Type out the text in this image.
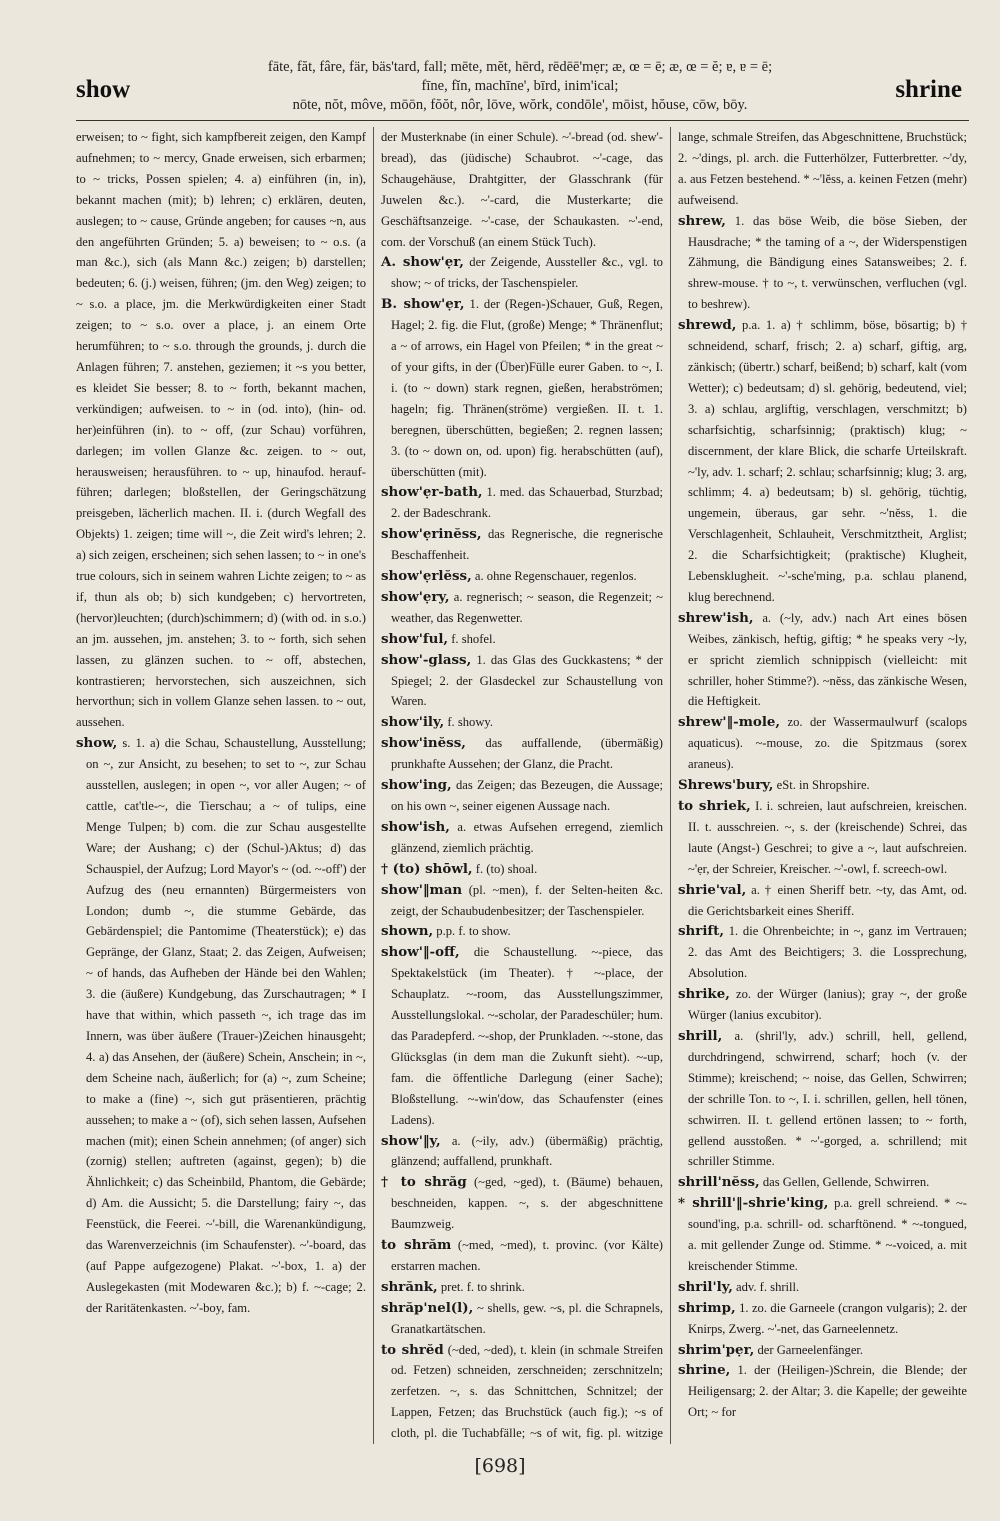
show
fāte, făt, fâre, fär, bäs'tard, fall; mēte, mĕt, hērd, rēdēē'mẹr; æ, œ = ē; æ, œ = ĕ; ɐ, ɐ = ē;
fīne, fĭn, machīne', bīrd, inim'ical;
nōte, nŏt, môve, mōōn, fŏŏt, nôr, lōve, wŏrk, condōle', mōist, hŏuse, cōw, bōy.
shrine

erweisen; to ~ fight, sich kampfbereit zeigen, den Kampf aufnehmen; to ~ mercy, Gnade erweisen, sich erbarmen; to ~ tricks, Possen spielen; 4. a) einführen (in, in), bekannt machen (mit); b) lehren; c) erklären, deuten, auslegen; to ~ cause, Gründe angeben; for causes ~n, aus den angeführten Gründen; 5. a) beweisen; to ~ o.s. (a man &c.), sich (als Mann &c.) zeigen; b) darstellen; bedeuten; 6. (j.) weisen, führen; (jm. den Weg) zeigen; to ~ s.o. a place, jm. die Merkwürdigkeiten einer Stadt zeigen; to ~ s.o. over a place, j. an einem Orte herumführen; to ~ s.o. through the grounds, j. durch die Anlagen führen; 7. anstehen, geziemen; it ~s you better, es kleidet Sie besser; 8. to ~ forth, bekannt machen, verkündigen; aufweisen. to ~ in (od. into), (hin- od. her)einführen (in). to ~ off, (zur Schau) vorführen, darlegen; im vollen Glanze &c. zeigen. to ~ out, herausweisen; herausführen. to ~ up, hinaufod. heraufführen; darlegen; bloßstellen, der Geringschätzung preisgeben, lächerlich machen. II. i. (durch Wegfall des Objekts) 1. zeigen; time will ~, die Zeit wird's lehren; 2. a) sich zeigen, erscheinen; sich sehen lassen; to ~ in one's true colours, sich in seinem wahren Lichte zeigen; to ~ as if, thun als ob; b) sich kundgeben; c) hervortreten, (hervor)leuchten; (durch)schimmern; d) (with od. in s.o.) an jm. aussehen, jm. anstehen; 3. to ~ forth, sich sehen lassen, zu glänzen suchen. to ~ off, abstechen, kontrastieren; hervorstechen, sich auszeichnen, sich hervorthun; sich in vollem Glanze sehen lassen. to ~ out, aussehen.

show, s. 1. a) die Schau, Schaustellung, Ausstellung; on ~, zur Ansicht, zu besehen; to set to ~, zur Schau ausstellen, auslegen; in open ~, vor aller Augen; ~ of cattle, cat'tle-~, die Tierschau; a ~ of tulips, eine Menge Tulpen; b) com. die zur Schau ausgestellte Ware; der Aushang; c) der (Schul-)Aktus; d) das Schauspiel, der Aufzug; Lord Mayor's ~ (od. ~-off') der Aufzug des (neu ernannten) Bürgermeisters von London; dumb ~, die stumme Gebärde, das Gebärdenspiel; die Pantomime (Theaterstück); e) das Gepränge, der Glanz, Staat; 2. das Zeigen, Aufweisen; ~ of hands, das Aufheben der Hände bei den Wahlen; 3. die (äußere) Kundgebung, das Zurschautragen; * I have that within, which passeth ~, ich trage das im Innern, was über äußere (Trauer-)Zeichen hinausgeht; 4. a) das Ansehen, der (äußere) Schein, Anschein; in ~, dem Scheine nach, äußerlich; for (a) ~, zum Scheine; to make a (fine) ~, sich gut präsentieren, prächtig aussehen; to make a ~ (of), sich sehen lassen, Aufsehen machen (mit); einen Schein annehmen; (of anger) sich (zornig) stellen; auftreten (against, gegen); b) die Ähnlichkeit; c) das Scheinbild, Phantom, die Gebärde; d) Am. die Aussicht; 5. die Darstellung; fairy ~, das Feenstück, die Feerei. ~'-bill, die Warenankündigung, das Warenverzeichnis (im Schaufenster). ~'-board, das (auf Pappe aufgezogene) Plakat. ~'-box, 1. a) der Auslegekasten (mit Modewaren &c.); b) f. ~-cage; 2. der Raritätenkasten. ~'-boy, fam.

der Musterknabe (in einer Schule). ~'-bread (od. shew'-bread), das (jüdische) Schaubrot. ~'-cage, das Schaugehäuse, Drahtgitter, der Glasschrank (für Juwelen &c.). ~'-card, die Musterkarte; die Geschäftsanzeige. ~'-case, der Schaukasten. ~'-end, com. der Vorschuß (an einem Stück Tuch).

A. show'ẹr, der Zeigende, Aussteller &c., vgl. to show; ~ of tricks, der Taschenspieler.

B. show'ẹr, 1. der (Regen-)Schauer, Guß, Regen, Hagel; 2. fig. die Flut, (große) Menge; * Thränenflut; a ~ of arrows, ein Hagel von Pfeilen; * in the great ~ of your gifts, in der (Über)Fülle eurer Gaben. to ~, I. i. (to ~ down) stark regnen, gießen, herabströmen; hageln; fig. Thränen(ströme) vergießen. II. t. 1. beregnen, überschütten, begießen; 2. regnen lassen; 3. (to ~ down on, od. upon) fig. herabschütten (auf), überschütten (mit).

show'ẹr-bath, 1. med. das Schauerbad, Sturzbad; 2. der Badeschrank.

show'ẹrinĕss, das Regnerische, die regnerische Beschaffenheit.

show'ẹrlĕss, a. ohne Regenschauer, regenlos.

show'ẹry, a. regnerisch; ~ season, die Regenzeit; ~ weather, das Regenwetter.

show'ful, f. shofel.

show'-glass, 1. das Glas des Guckkastens; * der Spiegel; 2. der Glasdeckel zur Schaustellung von Waren.

show'ily, f. showy.

show'inĕss, das auffallende, (übermäßig) prunkhafte Aussehen; der Glanz, die Pracht.

show'ing, das Zeigen; das Bezeugen, die Aussage; on his own ~, seiner eigenen Aussage nach.

show'ish, a. etwas Aufsehen erregend, ziemlich glänzend, ziemlich prächtig.

† (to) shōwl, f. (to) shoal.

show'‖man (pl. ~men), f. der Selten-heiten &c. zeigt, der Schaubudenbesitzer; der Taschenspieler.

shown, p.p. f. to show.

show'‖-off, die Schaustellung. ~-piece, das Spektakelstück (im Theater). † ~-place, der Schauplatz. ~-room, das Ausstellungszimmer, Ausstellungslokal. ~-scholar, der Paradeschüler; hum. das Paradepferd. ~-shop, der Prunkladen. ~-stone, das Glücksglas (in dem man die Zukunft sieht). ~-up, fam. die öffentliche Darlegung (einer Sache); Bloßstellung. ~-win'dow, das Schaufenster (eines Ladens).

show'‖y, a. (~ily, adv.) (übermäßig) prächtig, glänzend; auffallend, prunkhaft.

† to shrăg (~ged, ~ged), t. (Bäume) behauen, beschneiden, kappen. ~, s. der abgeschnittene Baumzweig.

to shrăm (~med, ~med), t. provinc. (vor Kälte) erstarren machen.

shrănk, pret. f. to shrink.

shrăp'nel(l), ~ shells, gew. ~s, pl. die Schrapnels, Granatkartätschen.

to shrĕd (~ded, ~ded), t. klein (in schmale Streifen od. Fetzen) schneiden, zerschneiden; zerschnitzeln; zerfetzen. ~, s. das Schnittchen, Schnitzel; der Lappen, Fetzen; das Bruchstück (auch fig.); ~s of cloth, pl. die Tuchabfälle; ~s of wit, fig. pl. witzige

lange, schmale Streifen, das Abgeschnittene, Bruchstück; 2. ~'dings, pl. arch. die Futterhölzer, Futterbretter. ~'dy, a. aus Fetzen bestehend. * ~'lĕss, a. keinen Fetzen (mehr) aufweisend.

shrew, 1. das böse Weib, die böse Sieben, der Hausdrache; * the taming of a ~, der Widerspenstigen Zähmung, die Bändigung eines Satansweibes; 2. f. shrew-mouse. † to ~, t. verwünschen, verfluchen (vgl. to beshrew).

shrewd, p.a. 1. a) † schlimm, böse, bösartig; b) † schneidend, scharf, frisch; 2. a) scharf, giftig, arg, zänkisch; (übertr.) scharf, beißend; b) scharf, kalt (vom Wetter); c) bedeutsam; d) sl. gehörig, bedeutend, viel; 3. a) schlau, argliftig, verschlagen, verschmitzt; b) scharfsichtig, scharfsinnig; (praktisch) klug; ~ discernment, der klare Blick, die scharfe Urteilskraft. ~'ly, adv. 1. scharf; 2. schlau; scharfsinnig; klug; 3. arg, schlimm; 4. a) bedeutsam; b) sl. gehörig, tüchtig, ungemein, überaus, gar sehr. ~'nĕss, 1. die Verschlagenheit, Schlauheit, Verschmitztheit, Arglist; 2. die Scharfsichtigkeit; (praktische) Klugheit, Lebensklugheit. ~'-sche'ming, p.a. schlau planend, klug berechnend.

shrew'ish, a. (~ly, adv.) nach Art eines bösen Weibes, zänkisch, heftig, giftig; * he speaks very ~ly, er spricht ziemlich schnippisch (vielleicht: mit schriller, hoher Stimme?). ~nĕss, das zänkische Wesen, die Heftigkeit.

shrew'‖-mole, zo. der Wassermaulwurf (scalops aquaticus). ~-mouse, zo. die Spitzmaus (sorex araneus).

Shrews'bury, eSt. in Shropshire.

to shriek, I. i. schreien, laut aufschreien, kreischen. II. t. ausschreien. ~, s. der (kreischende) Schrei, das laute (Angst-) Geschrei; to give a ~, laut aufschreien. ~'ẹr, der Schreier, Kreischer. ~'-owl, f. screech-owl.

shrie'val, a. † einen Sheriff betr. ~ty, das Amt, od. die Gerichtsbarkeit eines Sheriff.

shrift, 1. die Ohrenbeichte; in ~, ganz im Vertrauen; 2. das Amt des Beichtigers; 3. die Lossprechung, Absolution.

shrike, zo. der Würger (lanius); gray ~, der große Würger (lanius excubitor).

shrill, a. (shril'ly, adv.) schrill, hell, gellend, durchdringend, schwirrend, scharf; hoch (v. der Stimme); kreischend; ~ noise, das Gellen, Schwirren; der schrille Ton. to ~, I. i. schrillen, gellen, hell tönen, schwirren. II. t. gellend ertönen lassen; to ~ forth, gellend ausstoßen. * ~'-gorged, a. schrillend; mit schriller Stimme.

shrill'nĕss, das Gellen, Gellende, Schwirren.

* shrill'‖-shrie'king, p.a. grell schreiend. * ~-sound'ing, p.a. schrill- od. scharftönend. * ~-tongued, a. mit gellender Zunge od. Stimme. * ~-voiced, a. mit kreischender Stimme.

shril'ly, adv. f. shrill.

shrimp, 1. zo. die Garneele (crangon vulgaris); 2. der Knirps, Zwerg. ~'-net, das Garneelennetz.

shrim'pẹr, der Garneelenfänger.

shrine, 1. der (Heiligen-)Schrein, die Blende; der Heiligensarg; 2. der Altar; 3. die Kapelle; der geweihte Ort; ~ for

[698]
